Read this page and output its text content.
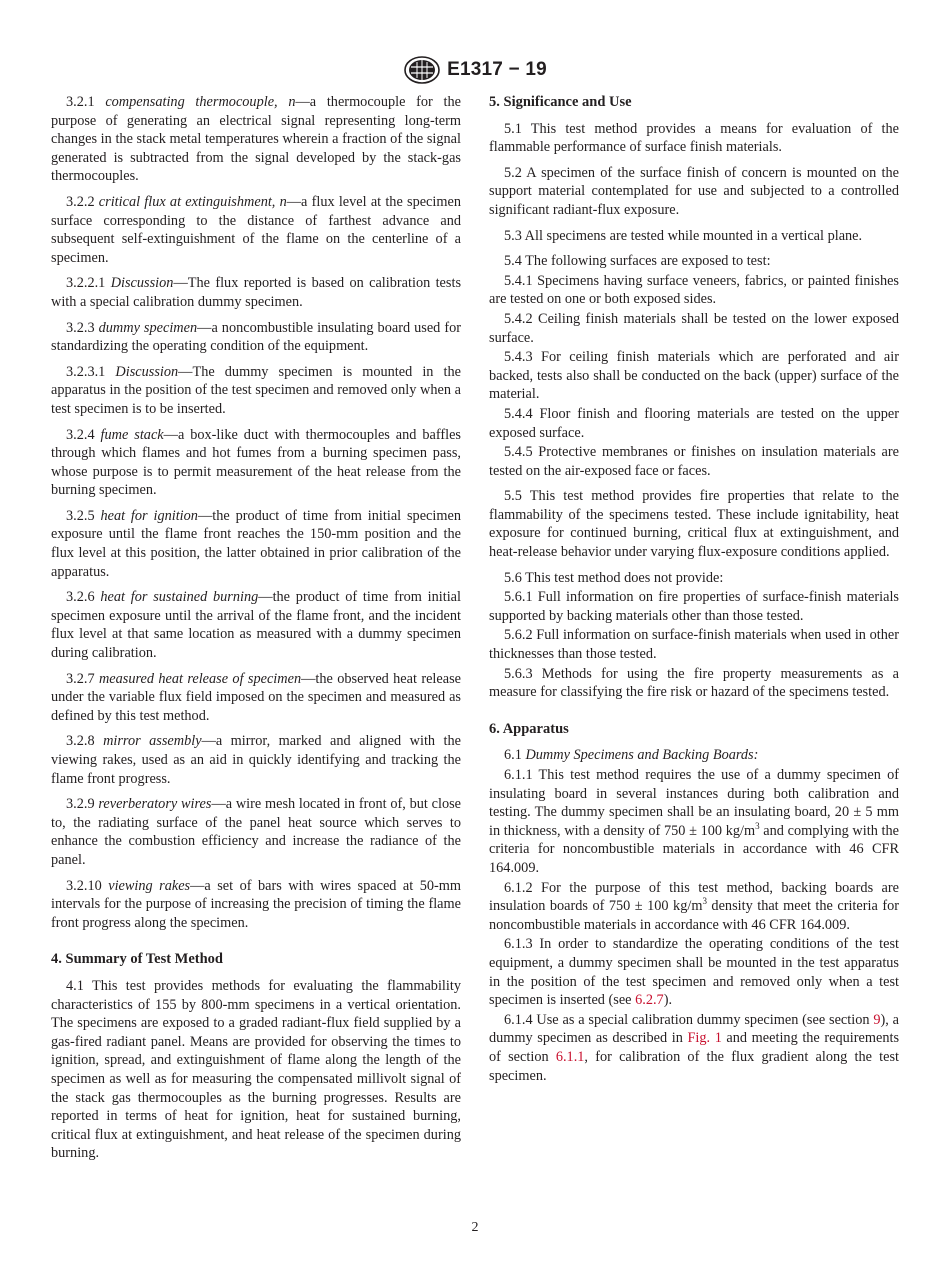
E1317 − 19

3.2.1 compensating thermocouple, n—a thermocouple for the purpose of generating an electrical signal representing long-term changes in the stack metal temperatures wherein a fraction of the signal generated is subtracted from the signal developed by the stack-gas thermocouples.

3.2.2 critical flux at extinguishment, n—a flux level at the specimen surface corresponding to the distance of farthest advance and subsequent self-extinguishment of the flame on the centerline of a specimen.

3.2.2.1 Discussion—The flux reported is based on calibration tests with a special calibration dummy specimen.

3.2.3 dummy specimen—a noncombustible insulating board used for standardizing the operating condition of the equipment.

3.2.3.1 Discussion—The dummy specimen is mounted in the apparatus in the position of the test specimen and removed only when a test specimen is to be inserted.

3.2.4 fume stack—a box-like duct with thermocouples and baffles through which flames and hot fumes from a burning specimen pass, whose purpose is to permit measurement of the heat release from the burning specimen.

3.2.5 heat for ignition—the product of time from initial specimen exposure until the flame front reaches the 150-mm position and the flux level at this position, the latter obtained in prior calibration of the apparatus.

3.2.6 heat for sustained burning—the product of time from initial specimen exposure until the arrival of the flame front, and the incident flux level at that same location as measured with a dummy specimen during calibration.

3.2.7 measured heat release of specimen—the observed heat release under the variable flux field imposed on the specimen and measured as defined by this test method.

3.2.8 mirror assembly—a mirror, marked and aligned with the viewing rakes, used as an aid in quickly identifying and tracking the flame front progress.

3.2.9 reverberatory wires—a wire mesh located in front of, but close to, the radiating surface of the panel heat source which serves to enhance the combustion efficiency and increase the radiance of the panel.

3.2.10 viewing rakes—a set of bars with wires spaced at 50-mm intervals for the purpose of increasing the precision of timing the flame front progress along the specimen.

4. Summary of Test Method

4.1 This test provides methods for evaluating the flammability characteristics of 155 by 800-mm specimens in a vertical orientation. The specimens are exposed to a graded radiant-flux field supplied by a gas-fired radiant panel. Means are provided for observing the times to ignition, spread, and extinguishment of flame along the length of the specimen as well as for measuring the compensated millivolt signal of the stack gas thermocouples as the burning progresses. Results are reported in terms of heat for ignition, heat for sustained burning, critical flux at extinguishment, and heat release of the specimen during burning.

5. Significance and Use

5.1 This test method provides a means for evaluation of the flammable performance of surface finish materials.

5.2 A specimen of the surface finish of concern is mounted on the support material contemplated for use and subjected to a controlled significant radiant-flux exposure.

5.3 All specimens are tested while mounted in a vertical plane.

5.4 The following surfaces are exposed to test:

5.4.1 Specimens having surface veneers, fabrics, or painted finishes are tested on one or both exposed sides.

5.4.2 Ceiling finish materials shall be tested on the lower exposed surface.

5.4.3 For ceiling finish materials which are perforated and air backed, tests also shall be conducted on the back (upper) surface of the material.

5.4.4 Floor finish and flooring materials are tested on the upper exposed surface.

5.4.5 Protective membranes or finishes on insulation materials are tested on the air-exposed face or faces.

5.5 This test method provides fire properties that relate to the flammability of the specimens tested. These include ignitability, heat exposure for continued burning, critical flux at extinguishment, and heat-release behavior under varying flux-exposure conditions applied.

5.6 This test method does not provide:

5.6.1 Full information on fire properties of surface-finish materials supported by backing materials other than those tested.

5.6.2 Full information on surface-finish materials when used in other thicknesses than those tested.

5.6.3 Methods for using the fire property measurements as a measure for classifying the fire risk or hazard of the specimens tested.

6. Apparatus

6.1 Dummy Specimens and Backing Boards:

6.1.1 This test method requires the use of a dummy specimen of insulating board in several instances during both calibration and testing. The dummy specimen shall be an insulating board, 20 ± 5 mm in thickness, with a density of 750 ± 100 $kg/m^3$ and complying with the criteria for noncombustible materials in accordance with 46 CFR 164.009.

6.1.2 For the purpose of this test method, backing boards are insulation boards of 750 ± 100 $kg/m^3$ density that meet the criteria for noncombustible materials in accordance with 46 CFR 164.009.

6.1.3 In order to standardize the operating conditions of the test equipment, a dummy specimen shall be mounted in the test apparatus in the position of the test specimen and removed only when a test specimen is inserted (see 6.2.7).

6.1.4 Use as a special calibration dummy specimen (see section 9), a dummy specimen as described in Fig. 1 and meeting the requirements of section 6.1.1, for calibration of the flux gradient along the test specimen.

2
